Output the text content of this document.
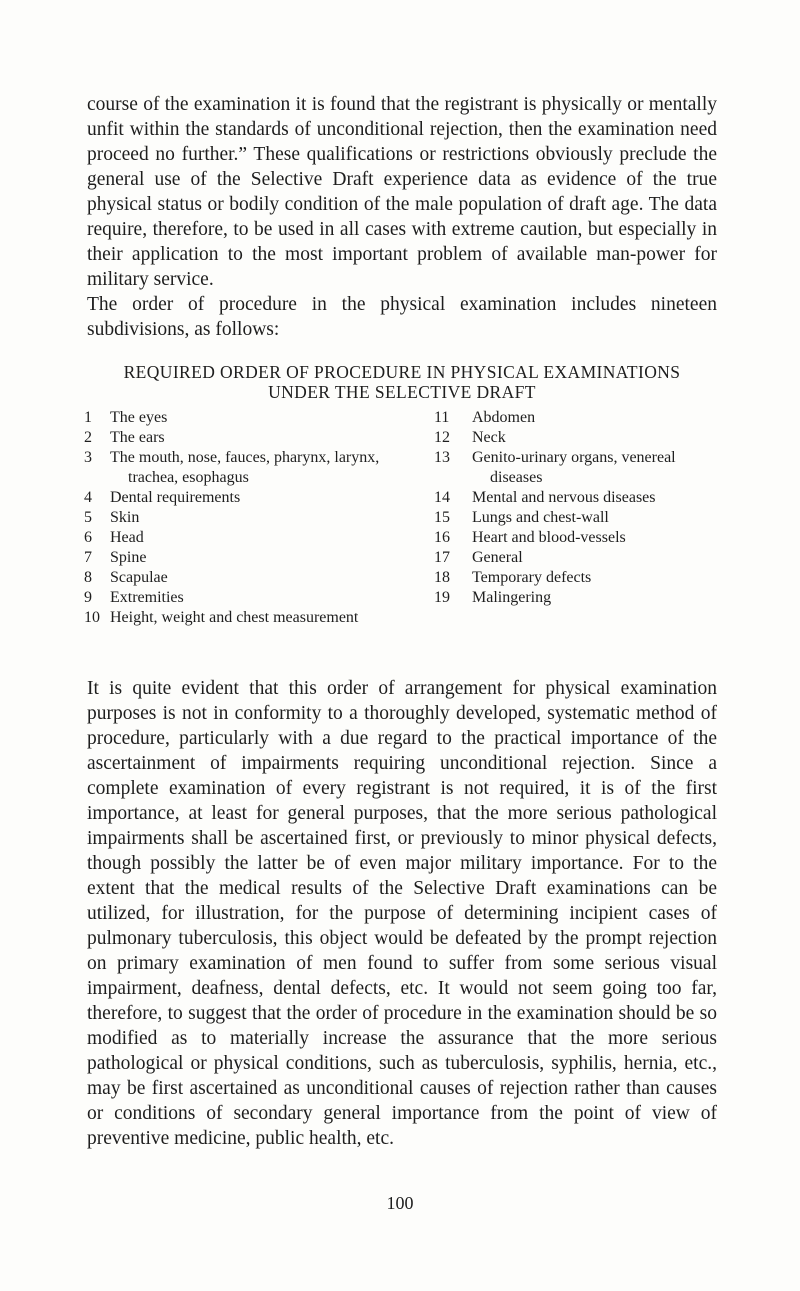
course of the examination it is found that the registrant is physically or mentally unfit within the standards of unconditional rejection, then the examination need proceed no further.” These qualifications or restrictions obviously preclude the general use of the Selective Draft experience data as evidence of the true physical status or bodily condition of the male population of draft age. The data require, therefore, to be used in all cases with extreme caution, but especially in their application to the most important problem of available man-power for military service.

The order of procedure in the physical examination includes nineteen subdivisions, as follows:

REQUIRED ORDER OF PROCEDURE IN PHYSICAL EXAMINATIONS

UNDER THE SELECTIVE DRAFT

1	The eyes
2	The ears
3	The mouth, nose, fauces, pharynx, larynx, trachea, esophagus
4	Dental requirements
5	Skin
6	Head
7	Spine
8	Scapulae
9	Extremities
10 Height, weight and chest measurement
11	Abdomen
12	Neck
13	Genito-urinary organs, venereal diseases
14	Mental and nervous diseases
15	Lungs and chest-wall
16	Heart and blood-vessels
17	General
18	Temporary defects
19	Malingering

It is quite evident that this order of arrangement for physical examination purposes is not in conformity to a thoroughly developed, systematic method of procedure, particularly with a due regard to the practical importance of the ascertainment of impairments requiring unconditional rejection. Since a complete examination of every registrant is not required, it is of the first importance, at least for general purposes, that the more serious pathological impairments shall be ascertained first, or previously to minor physical defects, though possibly the latter be of even major military importance. For to the extent that the medical results of the Selective Draft examinations can be utilized, for illustration, for the purpose of determining incipient cases of pulmonary tuberculosis, this object would be defeated by the prompt rejection on primary examination of men found to suffer from some serious visual impairment, deafness, dental defects, etc. It would not seem going too far, therefore, to suggest that the order of procedure in the examination should be so modified as to materially increase the assurance that the more serious pathological or physical conditions, such as tuberculosis, syphilis, hernia, etc., may be first ascertained as unconditional causes of rejection rather than causes or conditions of secondary general importance from the point of view of preventive medicine, public health, etc.

100
